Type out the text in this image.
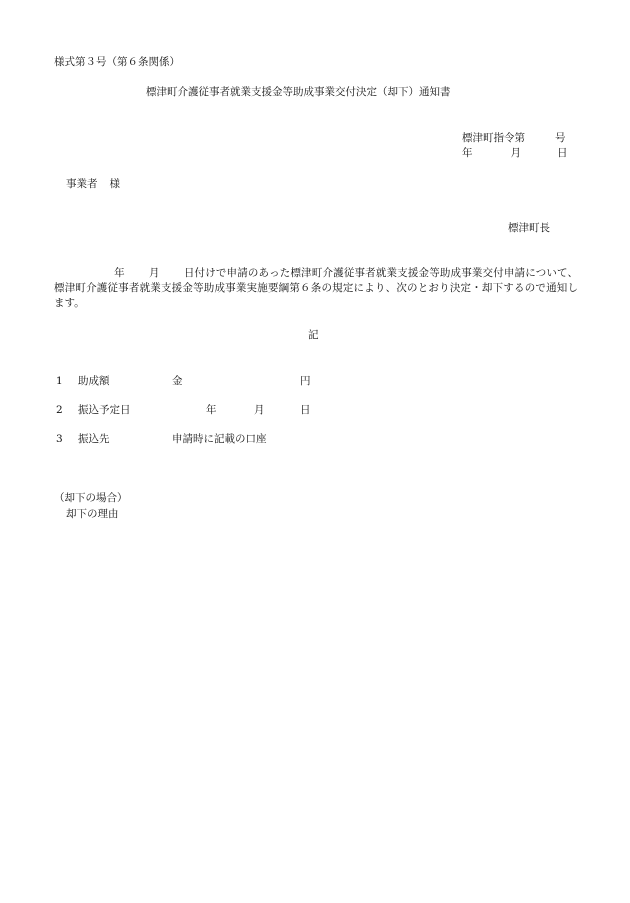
様式第３号（第６条関係）
標津町介護従事者就業支援金等助成事業交付決定（却下）通知書
標津町指令第	号
年	月	日
事業者 様
標津町長
年 月 日付けで申請のあった標津町介護従事者就業支援金等助成事業交付申請について、標津町介護従事者就業支援金等助成事業実施要綱第６条の規定により、次のとおり決定・却下するので通知します。
記
1 助成額	金	円
2 振込予定日	年	月	日
3 振込先	申請時に記載の口座
（却下の場合）
却下の理由
